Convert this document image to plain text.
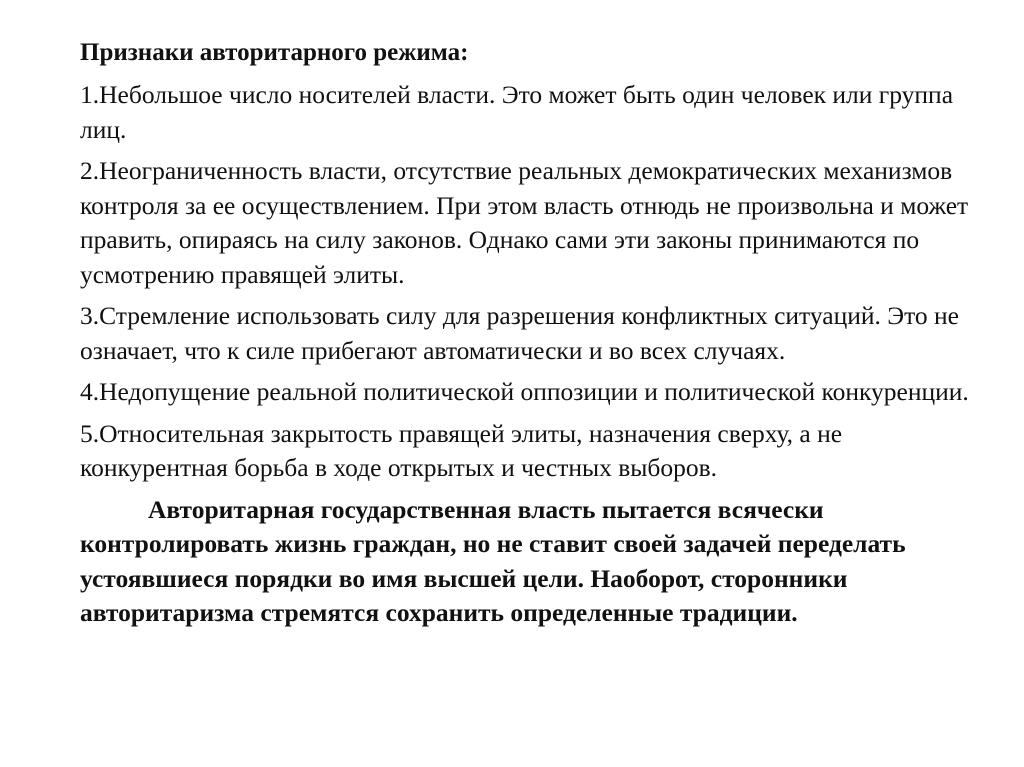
Признаки авторитарного режима:
1.Небольшое число носителей власти. Это может быть один человек или группа лиц.
2.Неограниченность власти, отсутствие реальных демократических механизмов контроля за ее осуществлением. При этом власть отнюдь не произвольна и может править, опираясь на силу законов. Однако сами эти законы принимаются по усмотрению правящей элиты.
3.Стремление использовать силу для разрешения конфликтных ситуаций. Это не означает, что к силе прибегают автоматически и во всех случаях.
4.Недопущение реальной политической оппозиции и политической конкуренции.
5.Относительная закрытость правящей элиты, назначения сверху, а не конкурентная борьба в ходе открытых и честных выборов.
Авторитарная государственная власть пытается всячески контролировать жизнь граждан, но не ставит своей задачей переделать устоявшиеся порядки во имя высшей цели. Наоборот, сторонники авторитаризма стремятся сохранить определенные традиции.
